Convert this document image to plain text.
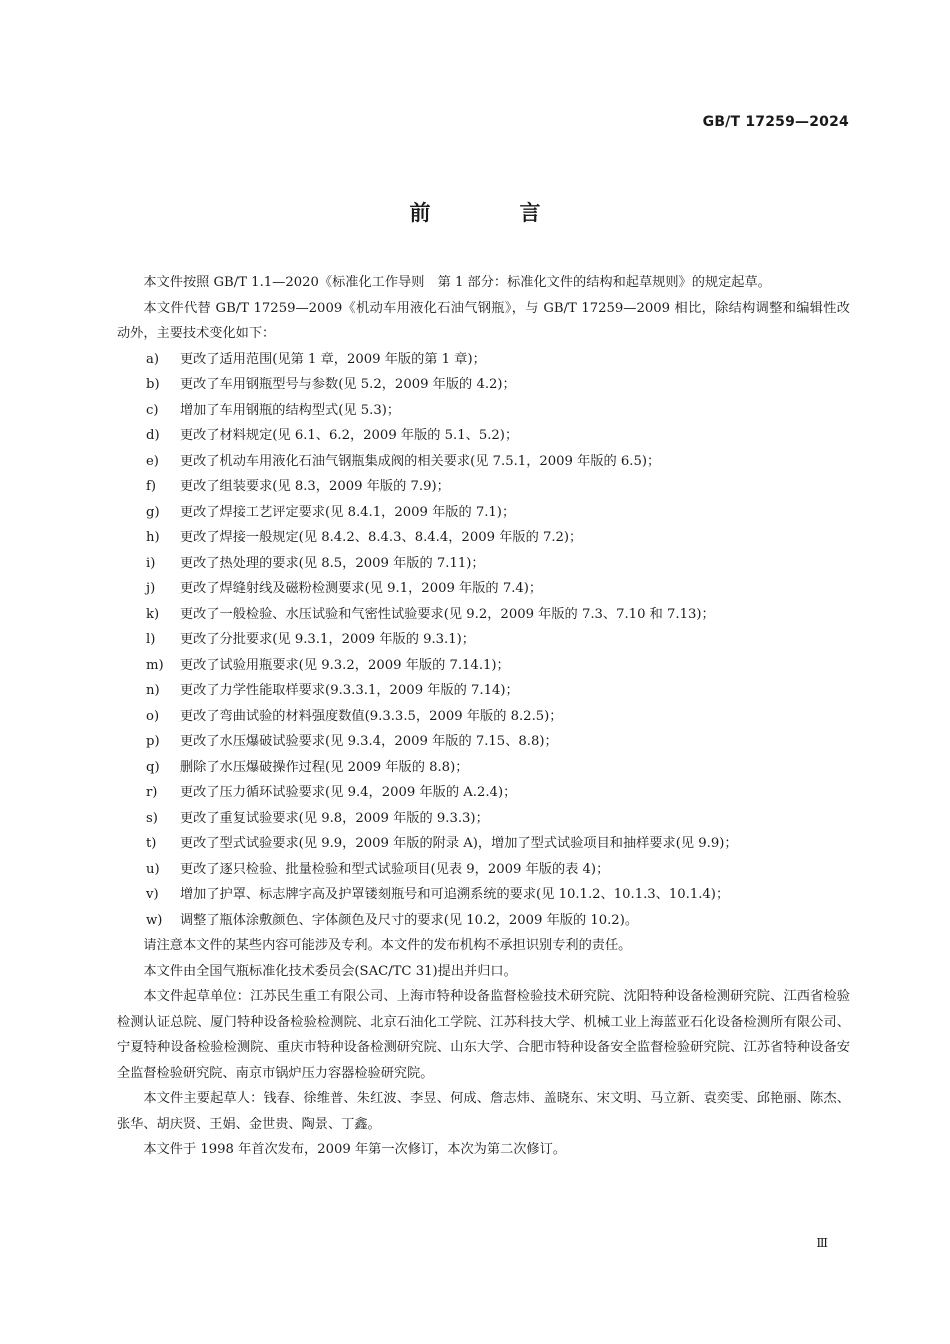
GB/T 17259—2024
前　言

本文件按照 GB/T 1.1—2020《标准化工作导则　第 1 部分：标准化文件的结构和起草规则》的规定起草。

本文件代替 GB/T 17259—2009《机动车用液化石油气钢瓶》，与 GB/T 17259—2009 相比，除结构调整和编辑性改动外，主要技术变化如下：

a)	更改了适用范围(见第 1 章，2009 年版的第 1 章)；
b)	更改了车用钢瓶型号与参数(见 5.2，2009 年版的 4.2)；
c)	增加了车用钢瓶的结构型式(见 5.3)；
d)	更改了材料规定(见 6.1、6.2，2009 年版的 5.1、5.2)；
e)	更改了机动车用液化石油气钢瓶集成阀的相关要求(见 7.5.1，2009 年版的 6.5)；
f)	更改了组装要求(见 8.3，2009 年版的 7.9)；
g)	更改了焊接工艺评定要求(见 8.4.1，2009 年版的 7.1)；
h)	更改了焊接一般规定(见 8.4.2、8.4.3、8.4.4，2009 年版的 7.2)；
i)	更改了热处理的要求(见 8.5，2009 年版的 7.11)；
j)	更改了焊缝射线及磁粉检测要求(见 9.1，2009 年版的 7.4)；
k)	更改了一般检验、水压试验和气密性试验要求(见 9.2，2009 年版的 7.3、7.10 和 7.13)；
l)	更改了分批要求(见 9.3.1，2009 年版的 9.3.1)；
m)	更改了试验用瓶要求(见 9.3.2，2009 年版的 7.14.1)；
n)	更改了力学性能取样要求(9.3.3.1，2009 年版的 7.14)；
o)	更改了弯曲试验的材料强度数值(9.3.3.5，2009 年版的 8.2.5)；
p)	更改了水压爆破试验要求(见 9.3.4，2009 年版的 7.15、8.8)；
q)	删除了水压爆破操作过程(见 2009 年版的 8.8)；
r)	更改了压力循环试验要求(见 9.4，2009 年版的 A.2.4)；
s)	更改了重复试验要求(见 9.8，2009 年版的 9.3.3)；
t)	更改了型式试验要求(见 9.9，2009 年版的附录 A)，增加了型式试验项目和抽样要求(见 9.9)；
u)	更改了逐只检验、批量检验和型式试验项目(见表 9，2009 年版的表 4)；
v)	增加了护罩、标志牌字高及护罩镂刻瓶号和可追溯系统的要求(见 10.1.2、10.1.3、10.1.4)；
w)	调整了瓶体涂敷颜色、字体颜色及尺寸的要求(见 10.2，2009 年版的 10.2)。

请注意本文件的某些内容可能涉及专利。本文件的发布机构不承担识别专利的责任。

本文件由全国气瓶标准化技术委员会(SAC/TC 31)提出并归口。

本文件起草单位：江苏民生重工有限公司、上海市特种设备监督检验技术研究院、沈阳特种设备检测研究院、江西省检验检测认证总院、厦门特种设备检验检测院、北京石油化工学院、江苏科技大学、机械工业上海蓝亚石化设备检测所有限公司、宁夏特种设备检验检测院、重庆市特种设备检测研究院、山东大学、合肥市特种设备安全监督检验研究院、江苏省特种设备安全监督检验研究院、南京市锅炉压力容器检验研究院。

本文件主要起草人：钱春、徐维普、朱红波、李昱、何成、詹志炜、盖晓东、宋文明、马立新、袁奕雯、邱艳丽、陈杰、张华、胡庆贤、王娟、金世贵、陶景、丁鑫。

本文件于 1998 年首次发布，2009 年第一次修订，本次为第二次修订。

Ⅲ
